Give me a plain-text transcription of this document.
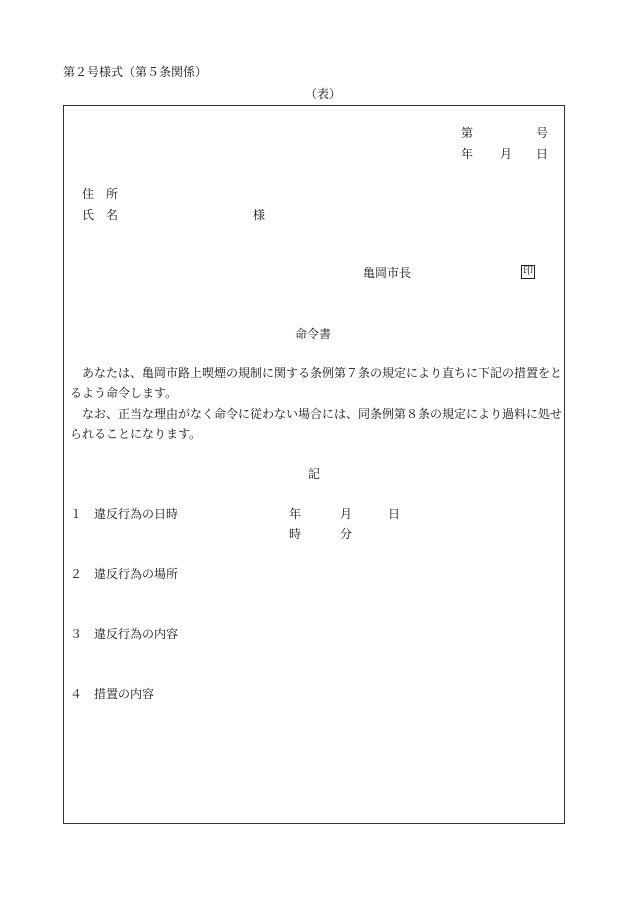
第２号様式（第５条関係）
（表）
第	号
年 月 日
住　所
氏　名	様
亀岡市長	印
命令書
　あなたは、亀岡市路上喫煙の規制に関する条例第７条の規定により直ちに下記の措置をとるよう命令します。
　なお、正当な理由がなく命令に従わない場合には、同条例第８条の規定により過料に処せられることになります。
記
１ 違反行為の日時	年	月	日
時	分
２ 違反行為の場所
３ 違反行為の内容
４ 措置の内容
